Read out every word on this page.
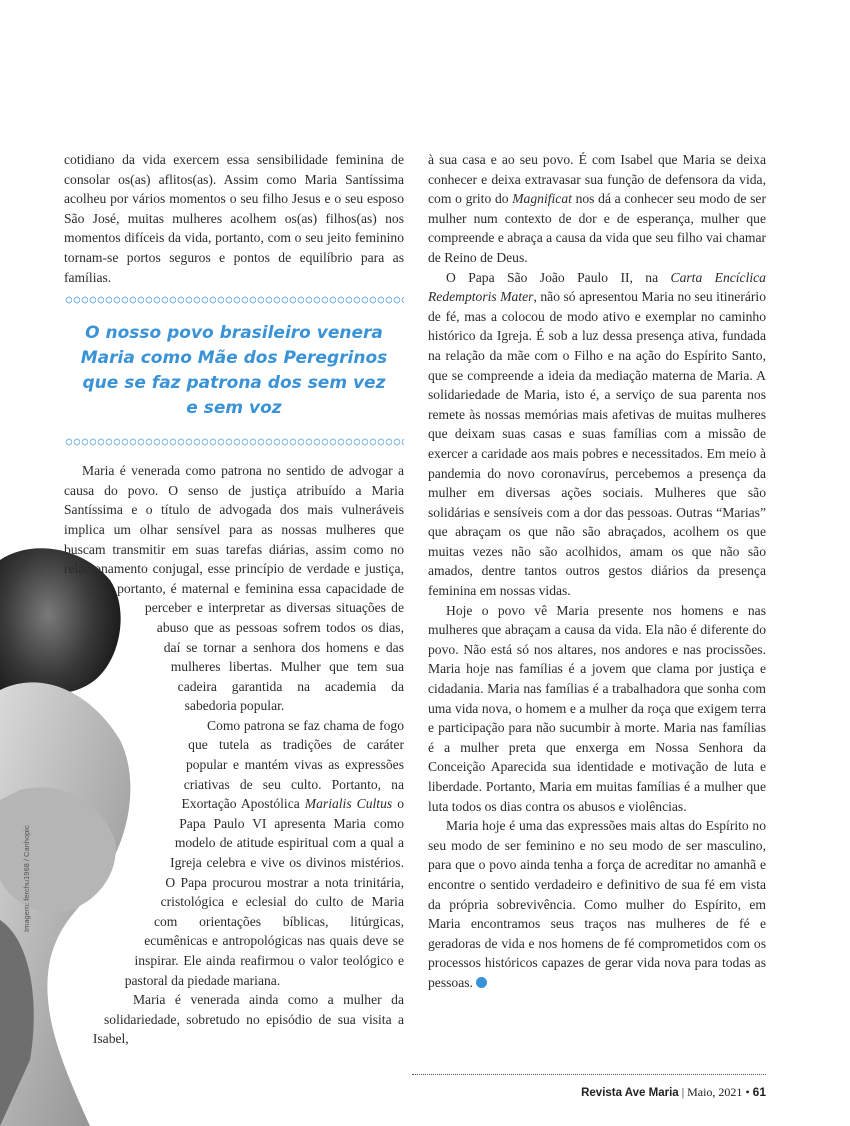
Imagem: ferchu1968 / Canhopic

cotidiano da vida exercem essa sensibilidade feminina de consolar os(as) aflitos(as). Assim como Maria Santíssima acolheu por vários momentos o seu filho Jesus e o seu esposo São José, muitas mulheres acolhem os(as) filhos(as) nos momentos difíceis da vida, portanto, com o seu jeito feminino tornam-se portos seguros e pontos de equilíbrio para as famílias.

O nosso povo brasileiro venera Maria como Mãe dos Peregrinos que se faz patrona dos sem vez e sem voz

Maria é venerada como patrona no sentido de advogar a causa do povo. O senso de justiça atribuído a Maria Santíssima e o título de advogada dos mais vulneráveis implica um olhar sensível para as nossas mulheres que buscam transmitir em suas tarefas diárias, assim como no relacionamento conjugal, esse princípio de verdade e justiça, portanto, é maternal e feminina essa capacidade de perceber e interpretar as diversas situações de abuso que as pessoas sofrem todos os dias, daí se tornar a senhora dos homens e das mulheres libertas. Mulher que tem sua cadeira garantida na academia da sabedoria popular.

Como patrona se faz chama de fogo que tutela as tradições de caráter popular e mantém vivas as expressões criativas de seu culto. Portanto, na Exortação Apostólica Marialis Cultus o Papa Paulo VI apresenta Maria como modelo de atitude espiritual com a qual a Igreja celebra e vive os divinos mistérios. O Papa procurou mostrar a nota trinitária, cristológica e eclesial do culto de Maria com orientações bíblicas, litúrgicas, ecumênicas e antropológicas nas quais deve se inspirar. Ele ainda reafirmou o valor teológico e pastoral da piedade mariana.

Maria é venerada ainda como a mulher da solidariedade, sobretudo no episódio de sua visita a Isabel,

à sua casa e ao seu povo. É com Isabel que Maria se deixa conhecer e deixa extravasar sua função de defensora da vida, com o grito do Magnificat nos dá a conhecer seu modo de ser mulher num contexto de dor e de esperança, mulher que compreende e abraça a causa da vida que seu filho vai chamar de Reino de Deus.

O Papa São João Paulo II, na Carta Encíclica Redemptoris Mater, não só apresentou Maria no seu itinerário de fé, mas a colocou de modo ativo e exemplar no caminho histórico da Igreja. É sob a luz dessa presença ativa, fundada na relação da mãe com o Filho e na ação do Espírito Santo, que se compreende a ideia da mediação materna de Maria. A solidariedade de Maria, isto é, a serviço de sua parenta nos remete às nossas memórias mais afetivas de muitas mulheres que deixam suas casas e suas famílias com a missão de exercer a caridade aos mais pobres e necessitados. Em meio à pandemia do novo coronavírus, percebemos a presença da mulher em diversas ações sociais. Mulheres que são solidárias e sensíveis com a dor das pessoas. Outras “Marias” que abraçam os que não são abraçados, acolhem os que muitas vezes não são acolhidos, amam os que não são amados, dentre tantos outros gestos diários da presença feminina em nossas vidas.

Hoje o povo vê Maria presente nos homens e nas mulheres que abraçam a causa da vida. Ela não é diferente do povo. Não está só nos altares, nos andores e nas procissões. Maria hoje nas famílias é a jovem que clama por justiça e cidadania. Maria nas famílias é a trabalhadora que sonha com uma vida nova, o homem e a mulher da roça que exigem terra e participação para não sucumbir à morte. Maria nas famílias é a mulher preta que enxerga em Nossa Senhora da Conceição Aparecida sua identidade e motivação de luta e liberdade. Portanto, Maria em muitas famílias é a mulher que luta todos os dias contra os abusos e violências.

Maria hoje é uma das expressões mais altas do Espírito no seu modo de ser feminino e no seu modo de ser masculino, para que o povo ainda tenha a força de acreditar no amanhã e encontre o sentido verdadeiro e definitivo de sua fé em vista da própria sobrevivência. Como mulher do Espírito, em Maria encontramos seus traços nas mulheres de fé e geradoras de vida e nos homens de fé comprometidos com os processos históricos capazes de gerar vida nova para todas as pessoas.

Revista Ave Maria | Maio, 2021 • 61
